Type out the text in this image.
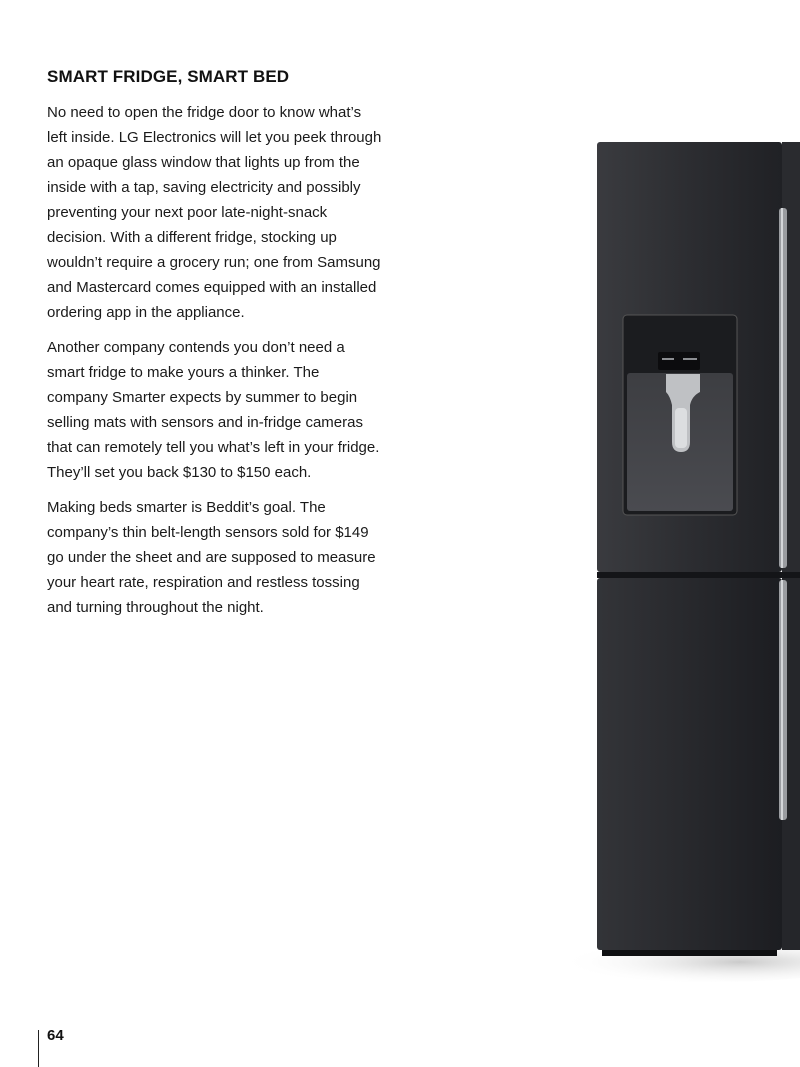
SMART FRIDGE, SMART BED

No need to open the fridge door to know what’s left inside. LG Electronics will let you peek through an opaque glass window that lights up from the inside with a tap, saving electricity and possibly preventing your next poor late-night-snack decision. With a different fridge, stocking up wouldn’t require a grocery run; one from Samsung and Mastercard comes equipped with an installed ordering app in the appliance.

Another company contends you don’t need a smart fridge to make yours a thinker. The company Smarter expects by summer to begin selling mats with sensors and in-fridge cameras that can remotely tell you what’s left in your fridge. They’ll set you back $130 to $150 each.

Making beds smarter is Beddit’s goal. The company’s thin belt-length sensors sold for $149 go under the sheet and are supposed to measure your heart rate, respiration and restless tossing and turning throughout the night.

64
